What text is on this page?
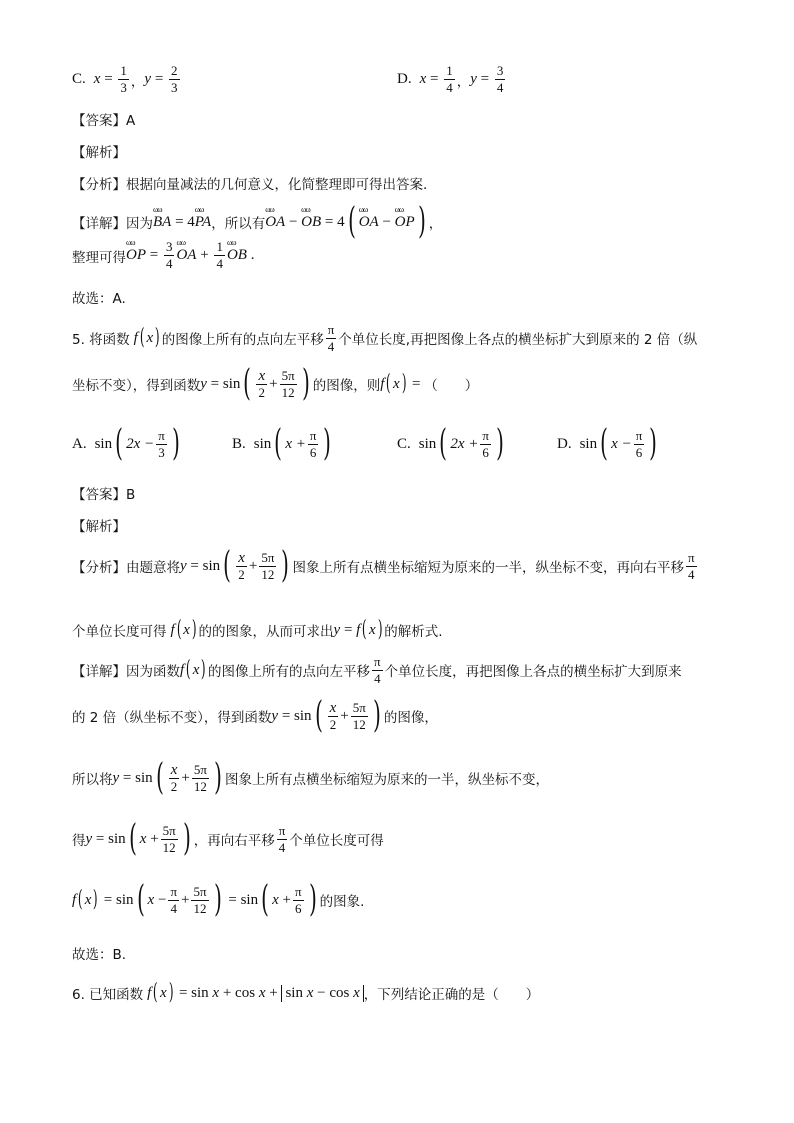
C. $x = \frac{1}{3}$ ， $y = \frac{2}{3}$	D. $x = \frac{1}{4}$ ， $y = \frac{3}{4}$
【答案】A
【解析】
【分析】 根据向量减法的几何意义，化简整理即可得出答案.
【详解】 因为 ωω BA = 4 ωω PA ，所以有 ωω OA − ωω OB = 4 ( ωω OA − ωω OP ) ，
整理可得 ωω OP = $\frac{3}{4}$ ωω OA + $\frac{1}{4}$ ωω OB .
故选：A.
5. 将函数 f ( x ) 的图像上所有的点向左平移 $\frac{\pi}{4}$ 个单位长度,再把图像上各点的横坐标扩大到原来的 2 倍（纵
坐标不变），得到函数 y = sin ( $\frac{x}{2} + \frac{5\pi}{12}$ ) 的图像，则 f ( x ) = （　　）
A. sin ( $2x - \frac{\pi}{3}$ )	B. sin ( $x + \frac{\pi}{6}$ )	C. sin ( $2x + \frac{\pi}{6}$ )	D. sin ( $x - \frac{\pi}{6}$ )
【答案】B
【解析】
【分析】 由题意将 y = sin ( $\frac{x}{2} + \frac{5\pi}{12}$ ) 图象上所有点横坐标缩短为原来的一半，纵坐标不变，再向右平移 $\frac{\pi}{4}$
个单位长度可得 f ( x ) 的的图象，从而可求出 y = f ( x ) 的解析式.
【详解】 因为函数 f ( x ) 的图像上所有的点向左平移 $\frac{\pi}{4}$ 个单位长度，再把图像上各点的横坐标扩大到原来
的 2 倍（纵坐标不变），得到函数 y = sin ( $\frac{x}{2} + \frac{5\pi}{12}$ ) 的图像，
所以将 y = sin ( $\frac{x}{2} + \frac{5\pi}{12}$ ) 图象上所有点横坐标缩短为原来的一半，纵坐标不变，
得 y = sin ( $x + \frac{5\pi}{12}$ ) ，再向右平移 $\frac{\pi}{4}$ 个单位长度可得
f ( x ) = sin ( $x - \frac{\pi}{4} + \frac{5\pi}{12}$ ) = sin ( $x + \frac{\pi}{6}$ ) 的图象.
故选：B.
6. 已知函数 f ( x ) = sin x + cos x + sin x − cos x ，下列结论正确的是（　　）
